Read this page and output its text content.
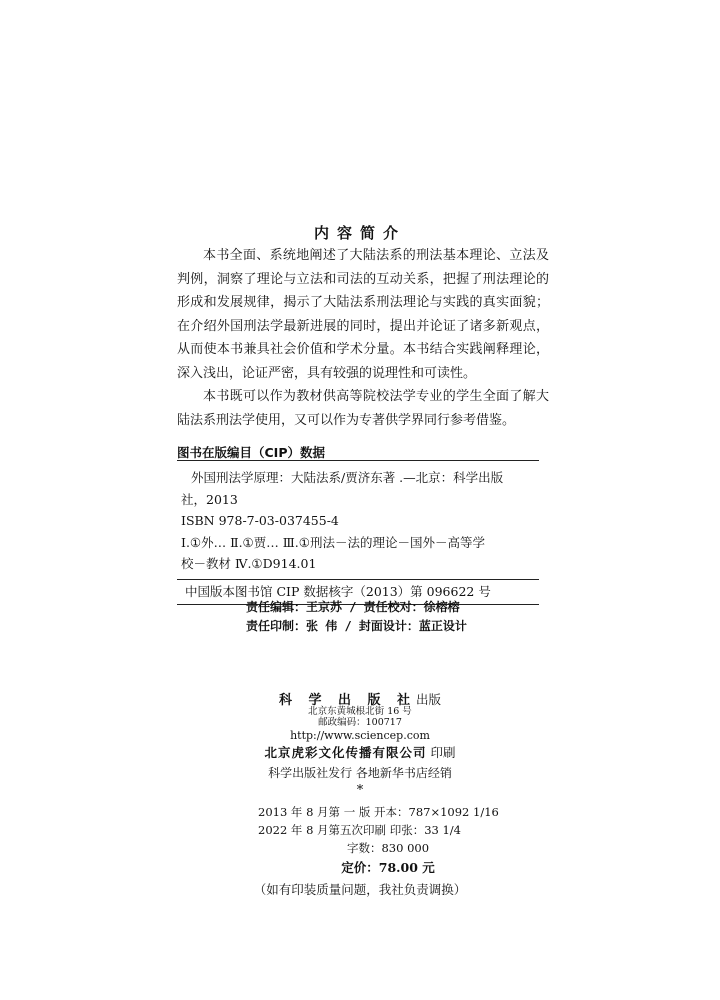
内容简介

本书全面、系统地阐述了大陆法系的刑法基本理论、立法及判例，洞察了理论与立法和司法的互动关系，把握了刑法理论的形成和发展规律，揭示了大陆法系刑法理论与实践的真实面貌；在介绍外国刑法学最新进展的同时，提出并论证了诸多新观点，从而使本书兼具社会价值和学术分量。本书结合实践阐释理论，深入浅出，论证严密，具有较强的说理性和可读性。

本书既可以作为教材供高等院校法学专业的学生全面了解大陆法系刑法学使用，又可以作为专著供学界同行参考借鉴。

图书在版编目（CIP）数据
外国刑法学原理：大陆法系/贾济东著 .—北京：科学出版
社，2013
ISBN 978-7-03-037455-4
Ⅰ.①外… Ⅱ.①贾… Ⅲ.①刑法－法的理论－国外－高等学
校－教材 Ⅳ.①D914.01
中国版本图书馆 CIP 数据核字（2013）第 096622 号
责任编辑：王京苏 / 责任校对：徐榕榕
责任印制：张 伟 / 封面设计：蓝正设计
科 学 出 版 社出版
北京东黄城根北街 16 号
邮政编码：100717
http://www.sciencep.com
北京虎彩文化传播有限公司 印刷
科学出版社发行 各地新华书店经销
*
2013 年 8 月第 一 版 开本：787×1092 1/16
2022 年 8 月第五次印刷 印张：33 1/4
字数：830 000
定价：78.00 元
（如有印装质量问题，我社负责调换）
